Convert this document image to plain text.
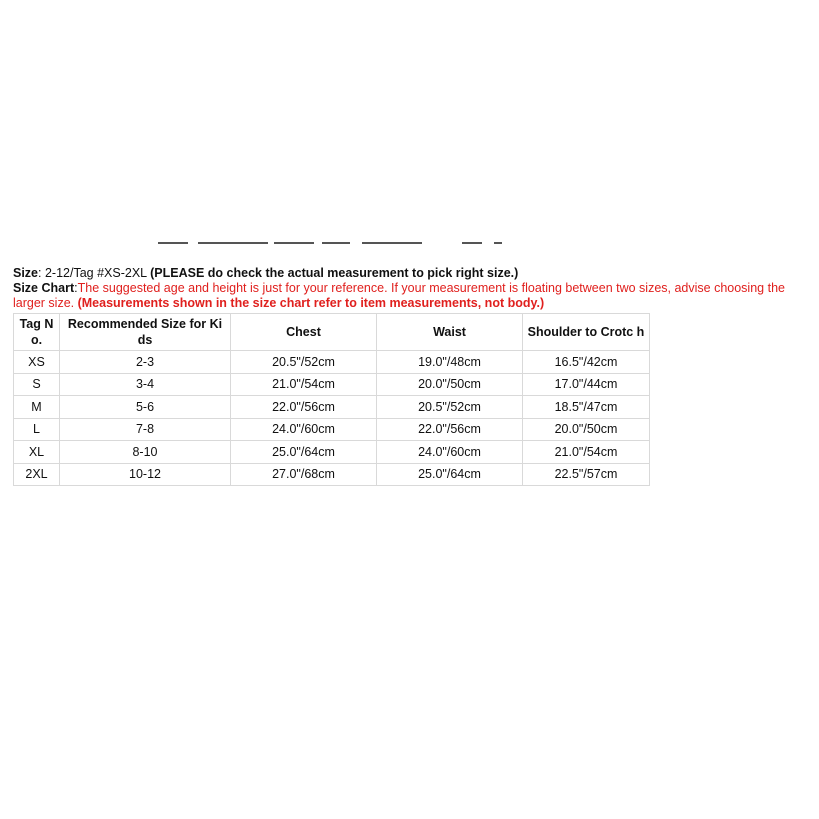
Size: 2-12/Tag #XS-2XL (PLEASE do check the actual measurement to pick right size.)
Size Chart:The suggested age and height is just for your reference. If your measurement is floating between two sizes, advise choosing the larger size. (Measurements shown in the size chart refer to item measurements, not body.)
Tag N o.	Recommended Size for Ki ds	Chest	Waist	Shoulder to Crotc h
XS	2-3	20.5"/52cm	19.0"/48cm	16.5"/42cm
S	3-4	21.0"/54cm	20.0"/50cm	17.0"/44cm
M	5-6	22.0"/56cm	20.5"/52cm	18.5"/47cm
L	7-8	24.0"/60cm	22.0"/56cm	20.0"/50cm
XL	8-10	25.0"/64cm	24.0"/60cm	21.0"/54cm
2XL	10-12	27.0"/68cm	25.0"/64cm	22.5"/57cm
